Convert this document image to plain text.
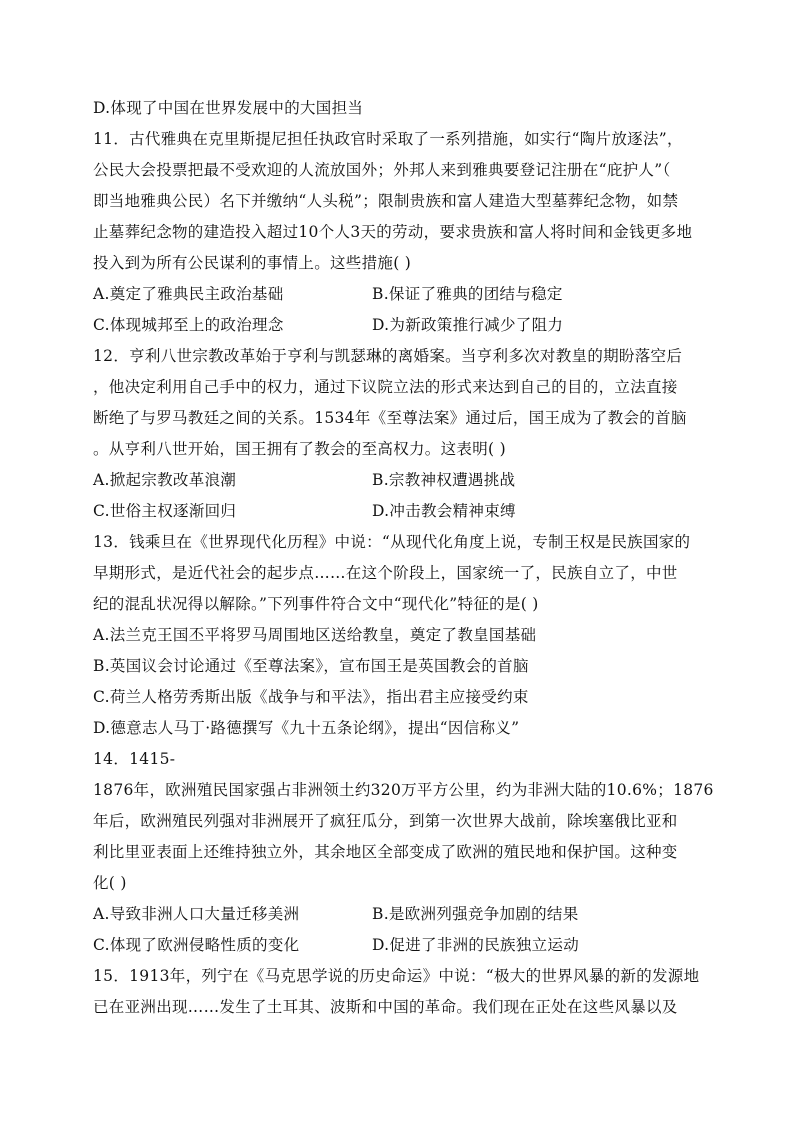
D.体现了中国在世界发展中的大国担当
11．古代雅典在克里斯提尼担任执政官时采取了一系列措施，如实行“陶片放逐法”，
公民大会投票把最不受欢迎的人流放国外；外邦人来到雅典要登记注册在“庇护人”（
即当地雅典公民）名下并缴纳“人头税”；限制贵族和富人建造大型墓葬纪念物，如禁
止墓葬纪念物的建造投入超过10个人3天的劳动，要求贵族和富人将时间和金钱更多地
投入到为所有公民谋利的事情上。这些措施( )
A.奠定了雅典民主政治基础	B.保证了雅典的团结与稳定
C.体现城邦至上的政治理念	D.为新政策推行减少了阻力
12．亨利八世宗教改革始于亨利与凯瑟琳的离婚案。当亨利多次对教皇的期盼落空后
，他决定利用自己手中的权力，通过下议院立法的形式来达到自己的目的，立法直接
断绝了与罗马教廷之间的关系。1534年《至尊法案》通过后，国王成为了教会的首脑
。从亨利八世开始，国王拥有了教会的至高权力。这表明( )
A.掀起宗教改革浪潮	B.宗教神权遭遇挑战
C.世俗主权逐渐回归	D.冲击教会精神束缚
13．钱乘旦在《世界现代化历程》中说：“从现代化角度上说，专制王权是民族国家的
早期形式，是近代社会的起步点……在这个阶段上，国家统一了，民族自立了，中世
纪的混乱状况得以解除。”下列事件符合文中“现代化”特征的是( )
A.法兰克王国丕平将罗马周围地区送给教皇，奠定了教皇国基础
B.英国议会讨论通过《至尊法案》，宣布国王是英国教会的首脑
C.荷兰人格劳秀斯出版《战争与和平法》，指出君主应接受约束
D.德意志人马丁·路德撰写《九十五条论纲》，提出“因信称义”
14．1415-
1876年，欧洲殖民国家强占非洲领土约320万平方公里，约为非洲大陆的10.6%；1876
年后，欧洲殖民列强对非洲展开了疯狂瓜分，到第一次世界大战前，除埃塞俄比亚和
利比里亚表面上还维持独立外，其余地区全部变成了欧洲的殖民地和保护国。这种变
化( )
A.导致非洲人口大量迁移美洲	B.是欧洲列强竞争加剧的结果
C.体现了欧洲侵略性质的变化	D.促进了非洲的民族独立运动
15．1913年，列宁在《马克思学说的历史命运》中说：“极大的世界风暴的新的发源地
已在亚洲出现……发生了土耳其、波斯和中国的革命。我们现在正处在这些风暴以及
